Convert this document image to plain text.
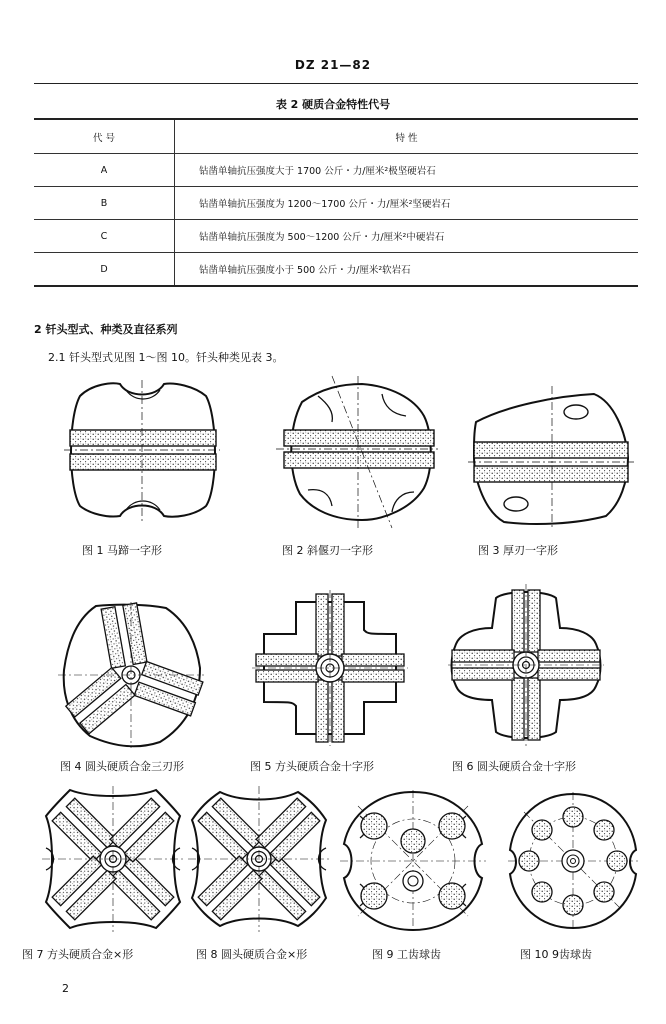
DZ 21—82
表 2 硬质合金特性代号
代 号	特 性
A	钻凿单轴抗压强度大于 1700 公斤・力/厘米²极坚硬岩石
B	钻凿单轴抗压强度为 1200～1700 公斤・力/厘米²坚硬岩石
C	钻凿单轴抗压强度为 500～1200 公斤・力/厘米²中硬岩石
D	钻凿单轴抗压强度小于 500 公斤・力/厘米²软岩石
2 钎头型式、种类及直径系列
2.1 钎头型式见图 1～图 10。钎头种类见表 3。
图 1 马蹄一字形	图 2 斜偃刃一字形	图 3 厚刃一字形
图 4 圆头硬质合金三刃形	图 5 方头硬质合金十字形	图 6 圆头硬质合金十字形
图 7 方头硬质合金×形	图 8 圆头硬质合金×形	图 9 工齿球齿	图 10 9齿球齿
2
